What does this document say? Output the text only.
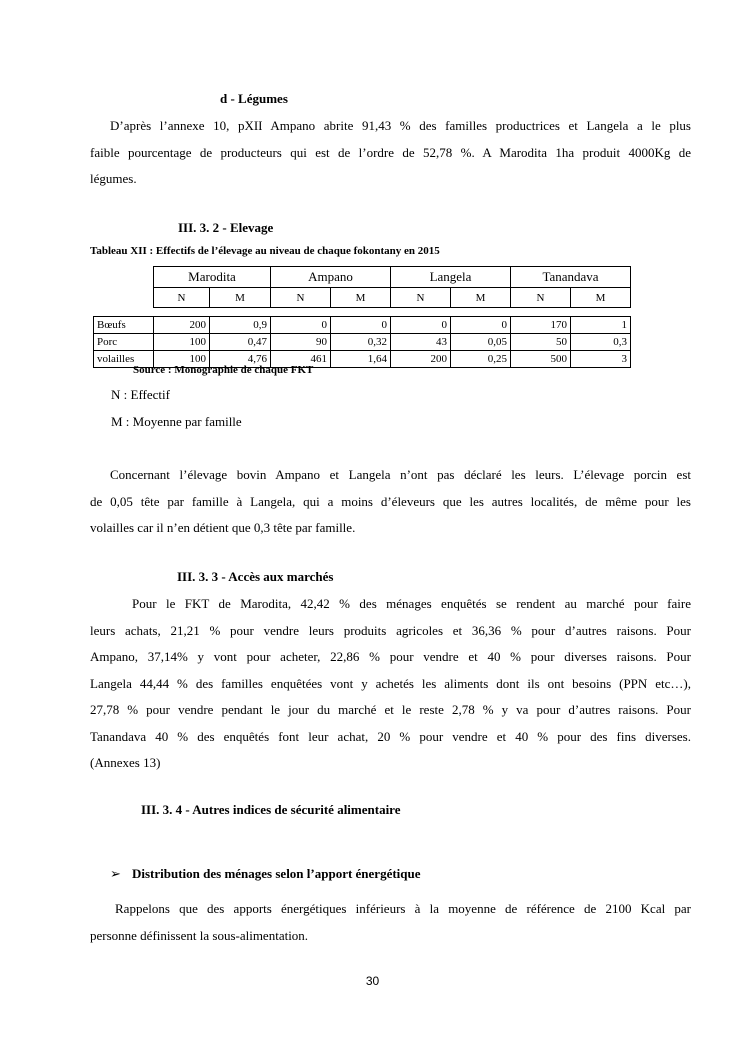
d - Légumes
D’après l’annexe 10, pXII Ampano abrite 91,43 % des familles productrices et Langela a le plus
faible pourcentage de producteurs qui est de l’ordre de 52,78 %. A Marodita 1ha produit 4000Kg de
légumes.
III. 3. 2 - Elevage
Tableau XII : Effectifs de l’élevage au niveau de chaque fokontany en 2015
	Marodita		Ampano		Langela		Tanandava	
	N	M	N	M	N	M	N	M

Bœufs	200	0,9	0	0	0	0	170	1
Porc	100	0,47	90	0,32	43	0,05	50	0,3
volailles	100	4,76	461	1,64	200	0,25	500	3
Source : Monographie de chaque FKT
N : Effectif
M : Moyenne par famille
Concernant l’élevage bovin Ampano et Langela n’ont pas déclaré les leurs. L’élevage porcin est
de 0,05 tête par famille à Langela, qui a moins d’éleveurs que les autres localités, de même pour les
volailles car il n’en détient que 0,3 tête par famille.
III. 3. 3 - Accès aux marchés
Pour le FKT de Marodita, 42,42 % des ménages enquêtés se rendent au marché pour faire
leurs achats, 21,21 % pour vendre leurs produits agricoles et 36,36 % pour d’autres raisons. Pour
Ampano, 37,14% y vont pour acheter, 22,86 % pour vendre et 40 % pour diverses raisons. Pour
Langela 44,44 % des familles enquêtées vont y achetés les aliments dont ils ont besoins (PPN etc…),
27,78 % pour vendre pendant le jour du marché et le reste 2,78 % y va pour d’autres raisons. Pour
Tanandava 40 % des enquêtés font leur achat, 20 % pour vendre et 40 % pour des fins diverses.
(Annexes 13)
III. 3. 4 - Autres indices de sécurité alimentaire
➢ Distribution des ménages selon l’apport énergétique
Rappelons que des apports énergétiques inférieurs à la moyenne de référence de 2100 Kcal par
personne définissent la sous-alimentation.
30
